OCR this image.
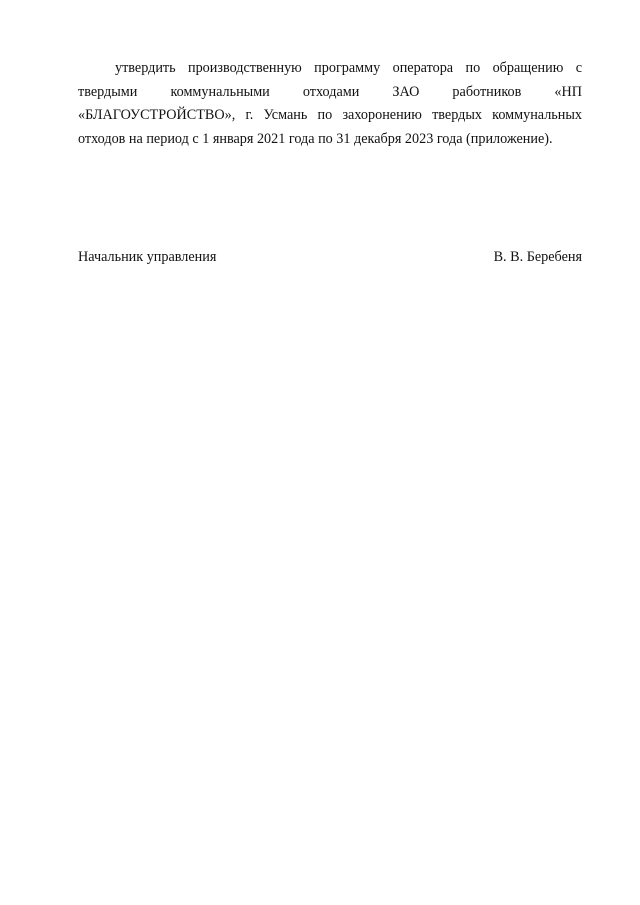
утвердить производственную программу оператора по обращению с твердыми коммунальными отходами ЗАО работников «НП «БЛАГОУСТРОЙСТВО», г. Усмань по захоронению твердых коммунальных отходов на период с 1 января 2021 года по 31 декабря 2023 года (приложение).

Начальник управления	В. В. Беребеня
